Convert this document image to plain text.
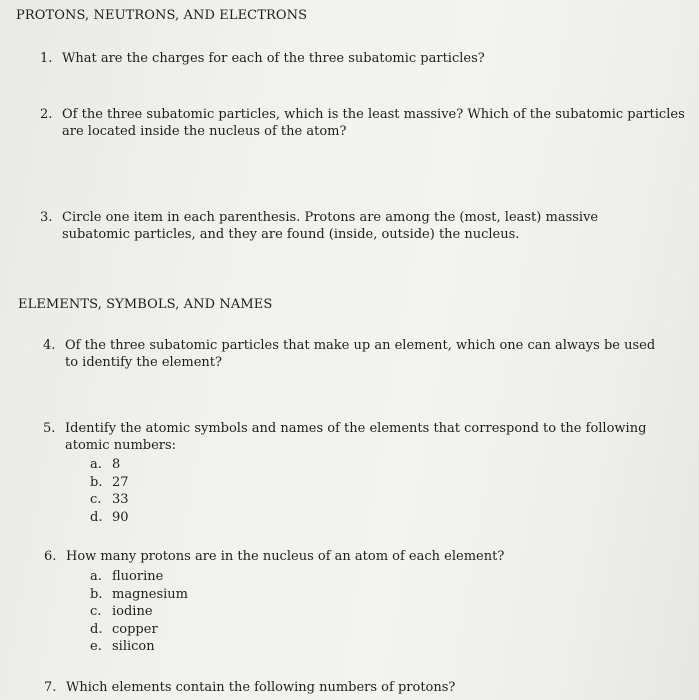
PROTONS, NEUTRONS, AND ELECTRONS
1. What are the charges for each of the three subatomic particles?
2. Of the three subatomic particles, which is the least massive? Which of the subatomic particles are located inside the nucleus of the atom?
3. Circle one item in each parenthesis. Protons are among the (most, least) massive subatomic particles, and they are found (inside, outside) the nucleus.
ELEMENTS, SYMBOLS, AND NAMES
4. Of the three subatomic particles that make up an element, which one can always be used to identify the element?
5. Identify the atomic symbols and names of the elements that correspond to the following atomic numbers:
a. 8
b. 27
c. 33
d. 90
6. How many protons are in the nucleus of an atom of each element?
a. fluorine
b. magnesium
c. iodine
d. copper
e. silicon
7. Which elements contain the following numbers of protons?
